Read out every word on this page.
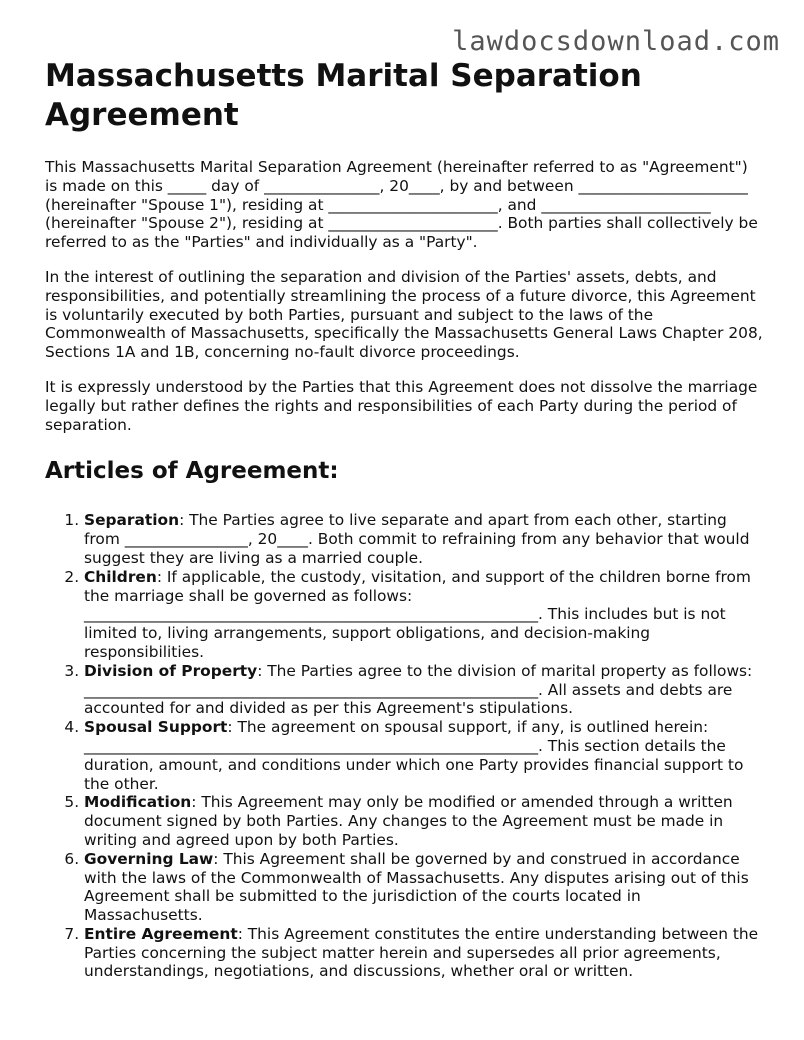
lawdocsdownload.com
Massachusetts Marital Separation Agreement

This Massachusetts Marital Separation Agreement (hereinafter referred to as "Agreement") is made on this _____ day of _______________, 20____, by and between ______________________ (hereinafter "Spouse 1"), residing at ______________________, and ______________________ (hereinafter "Spouse 2"), residing at ______________________. Both parties shall collectively be referred to as the "Parties" and individually as a "Party".

In the interest of outlining the separation and division of the Parties' assets, debts, and responsibilities, and potentially streamlining the process of a future divorce, this Agreement is voluntarily executed by both Parties, pursuant and subject to the laws of the Commonwealth of Massachusetts, specifically the Massachusetts General Laws Chapter 208, Sections 1A and 1B, concerning no-fault divorce proceedings.

It is expressly understood by the Parties that this Agreement does not dissolve the marriage legally but rather defines the rights and responsibilities of each Party during the period of separation.

Articles of Agreement:
1. Separation: The Parties agree to live separate and apart from each other, starting from ________________, 20____. Both commit to refraining from any behavior that would suggest they are living as a married couple.
2. Children: If applicable, the custody, visitation, and support of the children borne from the marriage shall be governed as follows: ___________________________________________________________. This includes but is not limited to, living arrangements, support obligations, and decision-making responsibilities.
3. Division of Property: The Parties agree to the division of marital property as follows: ___________________________________________________________. All assets and debts are accounted for and divided as per this Agreement's stipulations.
4. Spousal Support: The agreement on spousal support, if any, is outlined herein: ___________________________________________________________. This section details the duration, amount, and conditions under which one Party provides financial support to the other.
5. Modification: This Agreement may only be modified or amended through a written document signed by both Parties. Any changes to the Agreement must be made in writing and agreed upon by both Parties.
6. Governing Law: This Agreement shall be governed by and construed in accordance with the laws of the Commonwealth of Massachusetts. Any disputes arising out of this Agreement shall be submitted to the jurisdiction of the courts located in Massachusetts.
7. Entire Agreement: This Agreement constitutes the entire understanding between the Parties concerning the subject matter herein and supersedes all prior agreements, understandings, negotiations, and discussions, whether oral or written.
